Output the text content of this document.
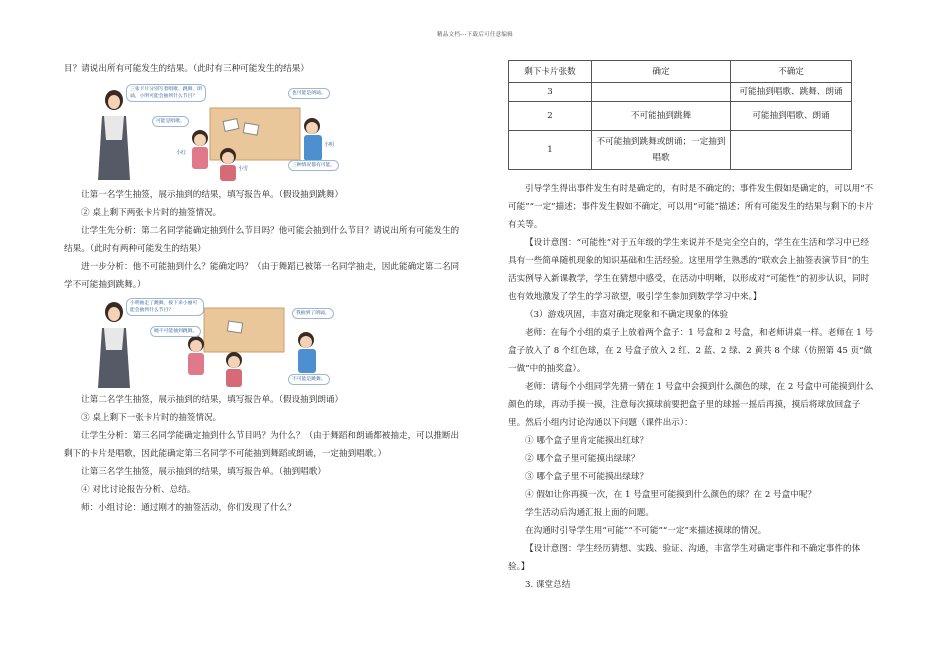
精品文档---下载后可任意编辑

目？请说出所有可能发生的结果。（此时有三种可能发生的结果）

三张卡片分别写着唱歌、跳舞、朗诵，小明可能会抽到什么节目？
可能是唱歌。
也可能是朗诵。
三种情况都有可能。
小红
小雪
小明

让第一名学生抽签，展示抽到的结果，填写报告单。（假设抽到跳舞）

② 桌上剩下两张卡片时的抽签情况。

让学生先分析：第二名同学能确定抽到什么节目吗？他可能会抽到什么节目？请说出所有可能发生的结果。（此时有两种可能发生的结果）

进一步分析：他不可能抽到什么？能确定吗？（由于舞蹈已被第一名同学抽走，因此能确定第二名同学不可能抽到跳舞。）

小明抽走了跳舞，接下来小丽可能会抽到什么节目？
她不可能抽到跳舞。
我抽到了朗诵。
不可能是跳舞。

让第二名学生抽签，展示抽到的结果，填写报告单。（假设抽到朗诵）

③ 桌上剩下一张卡片时的抽签情况。

让学生分析：第三名同学能确定抽到什么节目吗？为什么？（由于舞蹈和朗诵都被抽走，可以推断出剩下的卡片是唱歌，因此能确定第三名同学不可能抽到舞蹈或朗诵，一定抽到唱歌。）

让第三名学生抽签，展示抽到的结果，填写报告单。（抽到唱歌）

④ 对比讨论报告分析、总结。

师：小组讨论：通过刚才的抽签活动，你们发现了什么？

剩下卡片张数	确定	不确定
3		可能抽到唱歌、跳舞、朗诵
2	不可能抽到跳舞	可能抽到唱歌、朗诵
1	不可能抽到跳舞或朗诵；一定抽到唱歌	

引导学生得出事件发生有时是确定的，有时是不确定的；事件发生假如是确定的，可以用“不可能”“一定”描述；事件发生假如不确定，可以用“可能”描述；所有可能发生的结果与剩下的卡片有关等。

【设计意图：“可能性”对于五年级的学生来说并不是完全空白的，学生在生活和学习中已经具有一些简单随机现象的知识基础和生活经验。这里用学生熟悉的“联欢会上抽签表演节目”的生活实例导入新课教学，学生在猜想中感受，在活动中明晰，以形成对“可能性”的初步认识，同时也有效地激发了学生的学习欲望，吸引学生参加到数学学习中来。】

（3）游戏巩固，丰富对确定现象和不确定现象的体验

老师：在每个小组的桌子上放着两个盒子：1 号盒和 2 号盒，和老师讲桌一样。老师在 1 号盒子放入了 8 个红色球，在 2 号盒子放入 2 红、2 蓝、2 绿、2 黄共 8 个球（仿照第 45 页“做一做”中的抽奖盒）。

老师：请每个小组同学先猜一猜在 1 号盒中会摸到什么颜色的球，在 2 号盒中可能摸到什么颜色的球，再动手摸一摸，注意每次摸球前要把盒子里的球摇一摇后再摸，摸后将球放回盒子里。然后小组内讨论沟通以下问题（课件出示）：

① 哪个盒子里肯定能摸出红球？

② 哪个盒子里可能摸出绿球？

③ 哪个盒子里不可能摸出绿球？

④ 假如让你再摸一次，在 1 号盒里可能摸到什么颜色的球？在 2 号盒中呢？

学生活动后沟通汇报上面的问题。

在沟通时引导学生用“可能”“不可能”“一定”来描述摸球的情况。

【设计意图：学生经历猜想、实践、验证、沟通，丰富学生对确定事件和不确定事件的体验。】

3. 课堂总结
